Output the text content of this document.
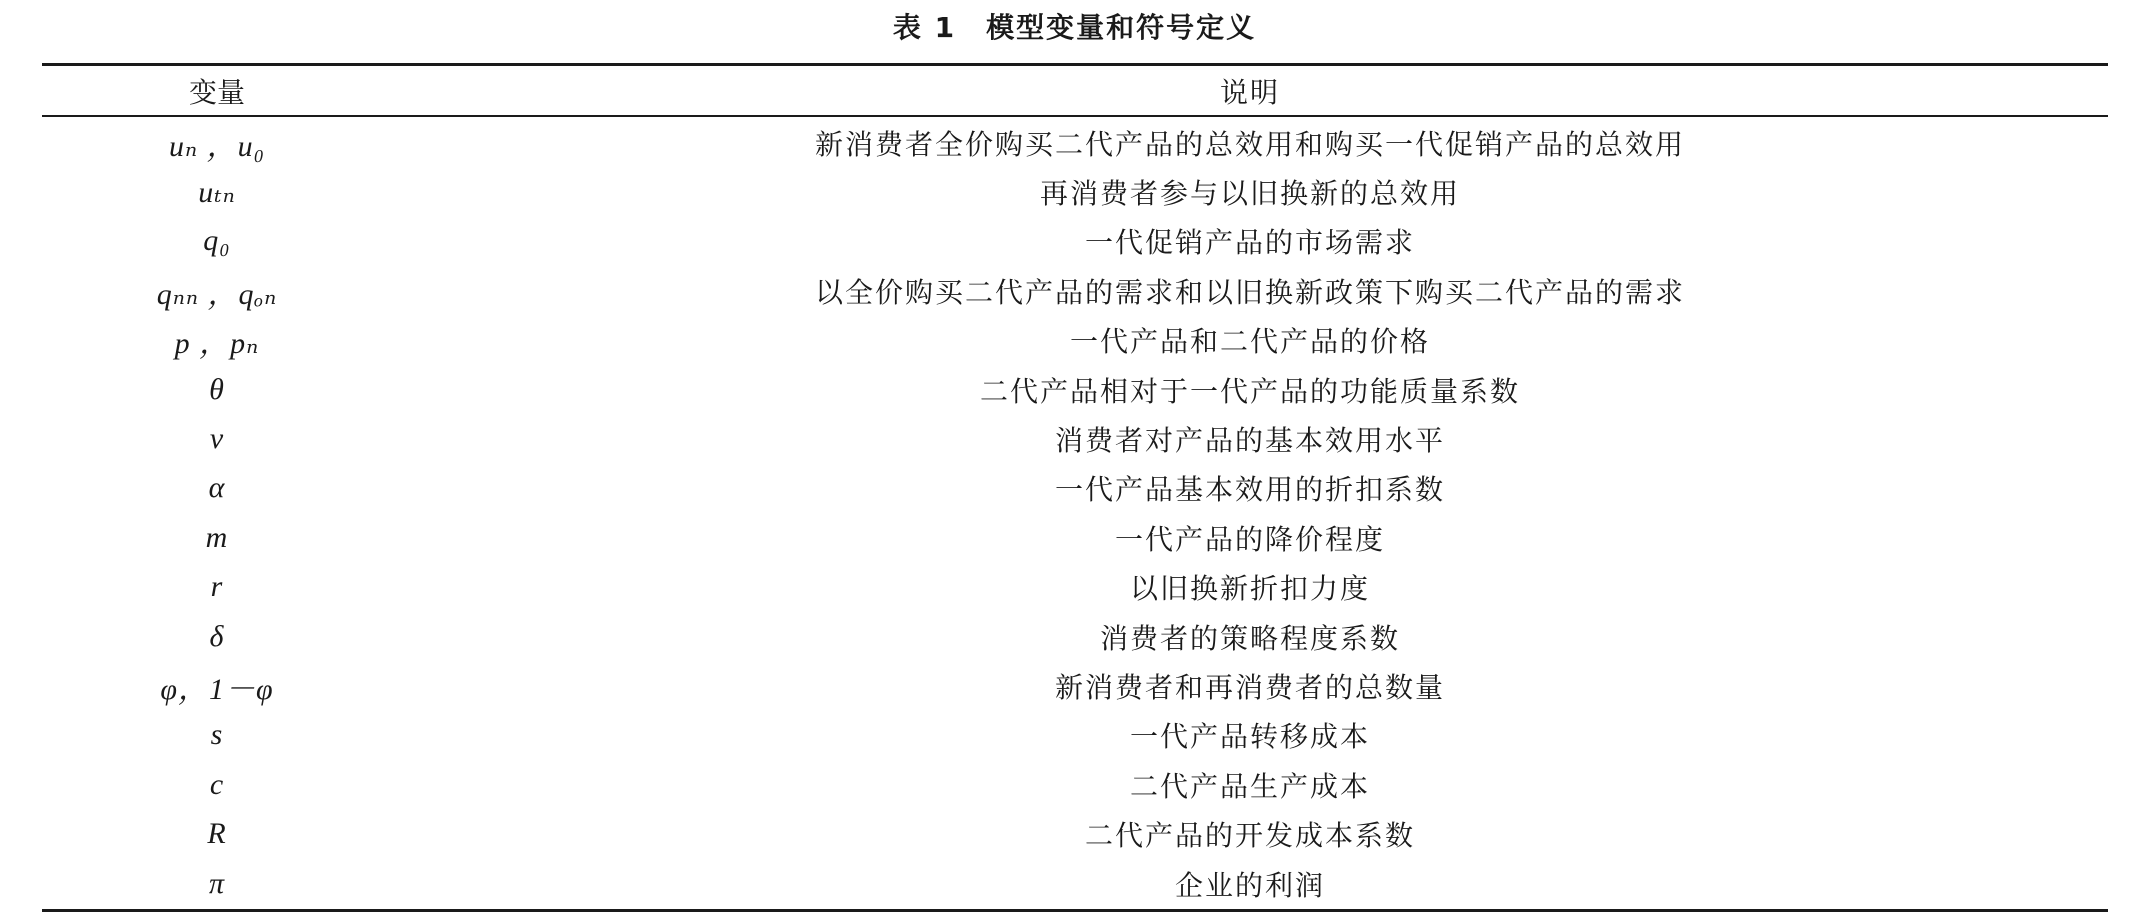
表 1 模型变量和符号定义
变量	说明
uₙ ，u₀	新消费者全价购买二代产品的总效用和购买一代促销产品的总效用
uₜₙ	再消费者参与以旧换新的总效用
q₀	一代促销产品的市场需求
qₙₙ ，qₒₙ	以全价购买二代产品的需求和以旧换新政策下购买二代产品的需求
p ，pₙ	一代产品和二代产品的价格
θ	二代产品相对于一代产品的功能质量系数
v	消费者对产品的基本效用水平
α	一代产品基本效用的折扣系数
m	一代产品的降价程度
r	以旧换新折扣力度
δ	消费者的策略程度系数
φ，1－φ	新消费者和再消费者的总数量
s	一代产品转移成本
c	二代产品生产成本
R	二代产品的开发成本系数
π	企业的利润
